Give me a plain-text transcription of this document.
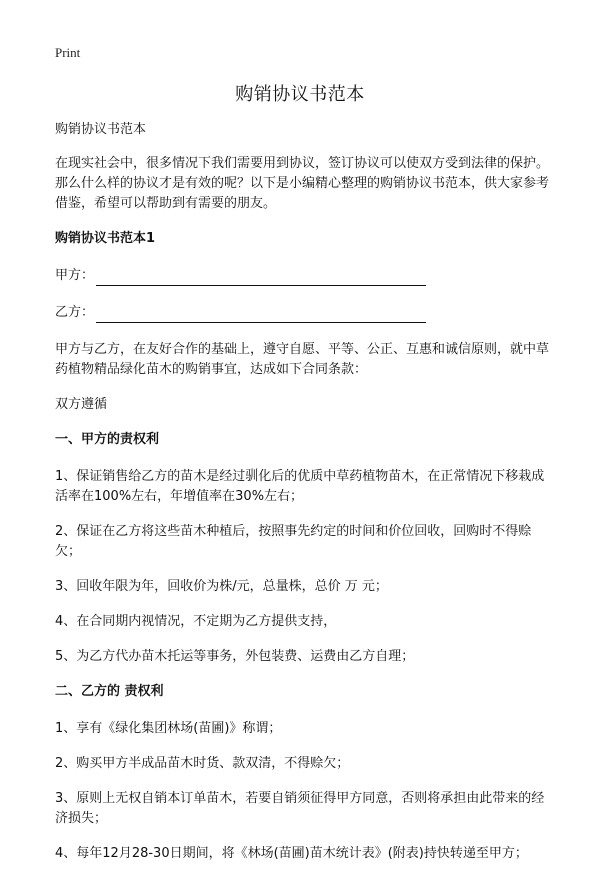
Print
购销协议书范本

购销协议书范本

在现实社会中，很多情况下我们需要用到协议，签订协议可以使双方受到法律的保护。那么什么样的协议才是有效的呢？以下是小编精心整理的购销协议书范本，供大家参考借鉴，希望可以帮助到有需要的朋友。

购销协议书范本1

甲方：
乙方：

甲方与乙方，在友好合作的基础上，遵守自愿、平等、公正、互惠和诚信原则，就中草药植物精品绿化苗木的购销事宜，达成如下合同条款：

双方遵循

一、甲方的责权利

1、保证销售给乙方的苗木是经过驯化后的优质中草药植物苗木，在正常情况下移栽成活率在100%左右，年增值率在30%左右；

2、保证在乙方将这些苗木种植后，按照事先约定的时间和价位回收，回购时不得赊欠；

3、回收年限为年，回收价为株/元，总量株，总价 万 元；

4、在合同期内视情况，不定期为乙方提供支持，

5、为乙方代办苗木托运等事务，外包装费、运费由乙方自理；

二、乙方的 责权利

1、享有《绿化集团林场(苗圃)》称谓；

2、购买甲方半成品苗木时货、款双清，不得赊欠；

3、原则上无权自销本订单苗木，若要自销须征得甲方同意，否则将承担由此带来的经济损失；

4、每年12月28-30日期间，将《林场(苗圃)苗木统计表》(附表)持快转递至甲方；
